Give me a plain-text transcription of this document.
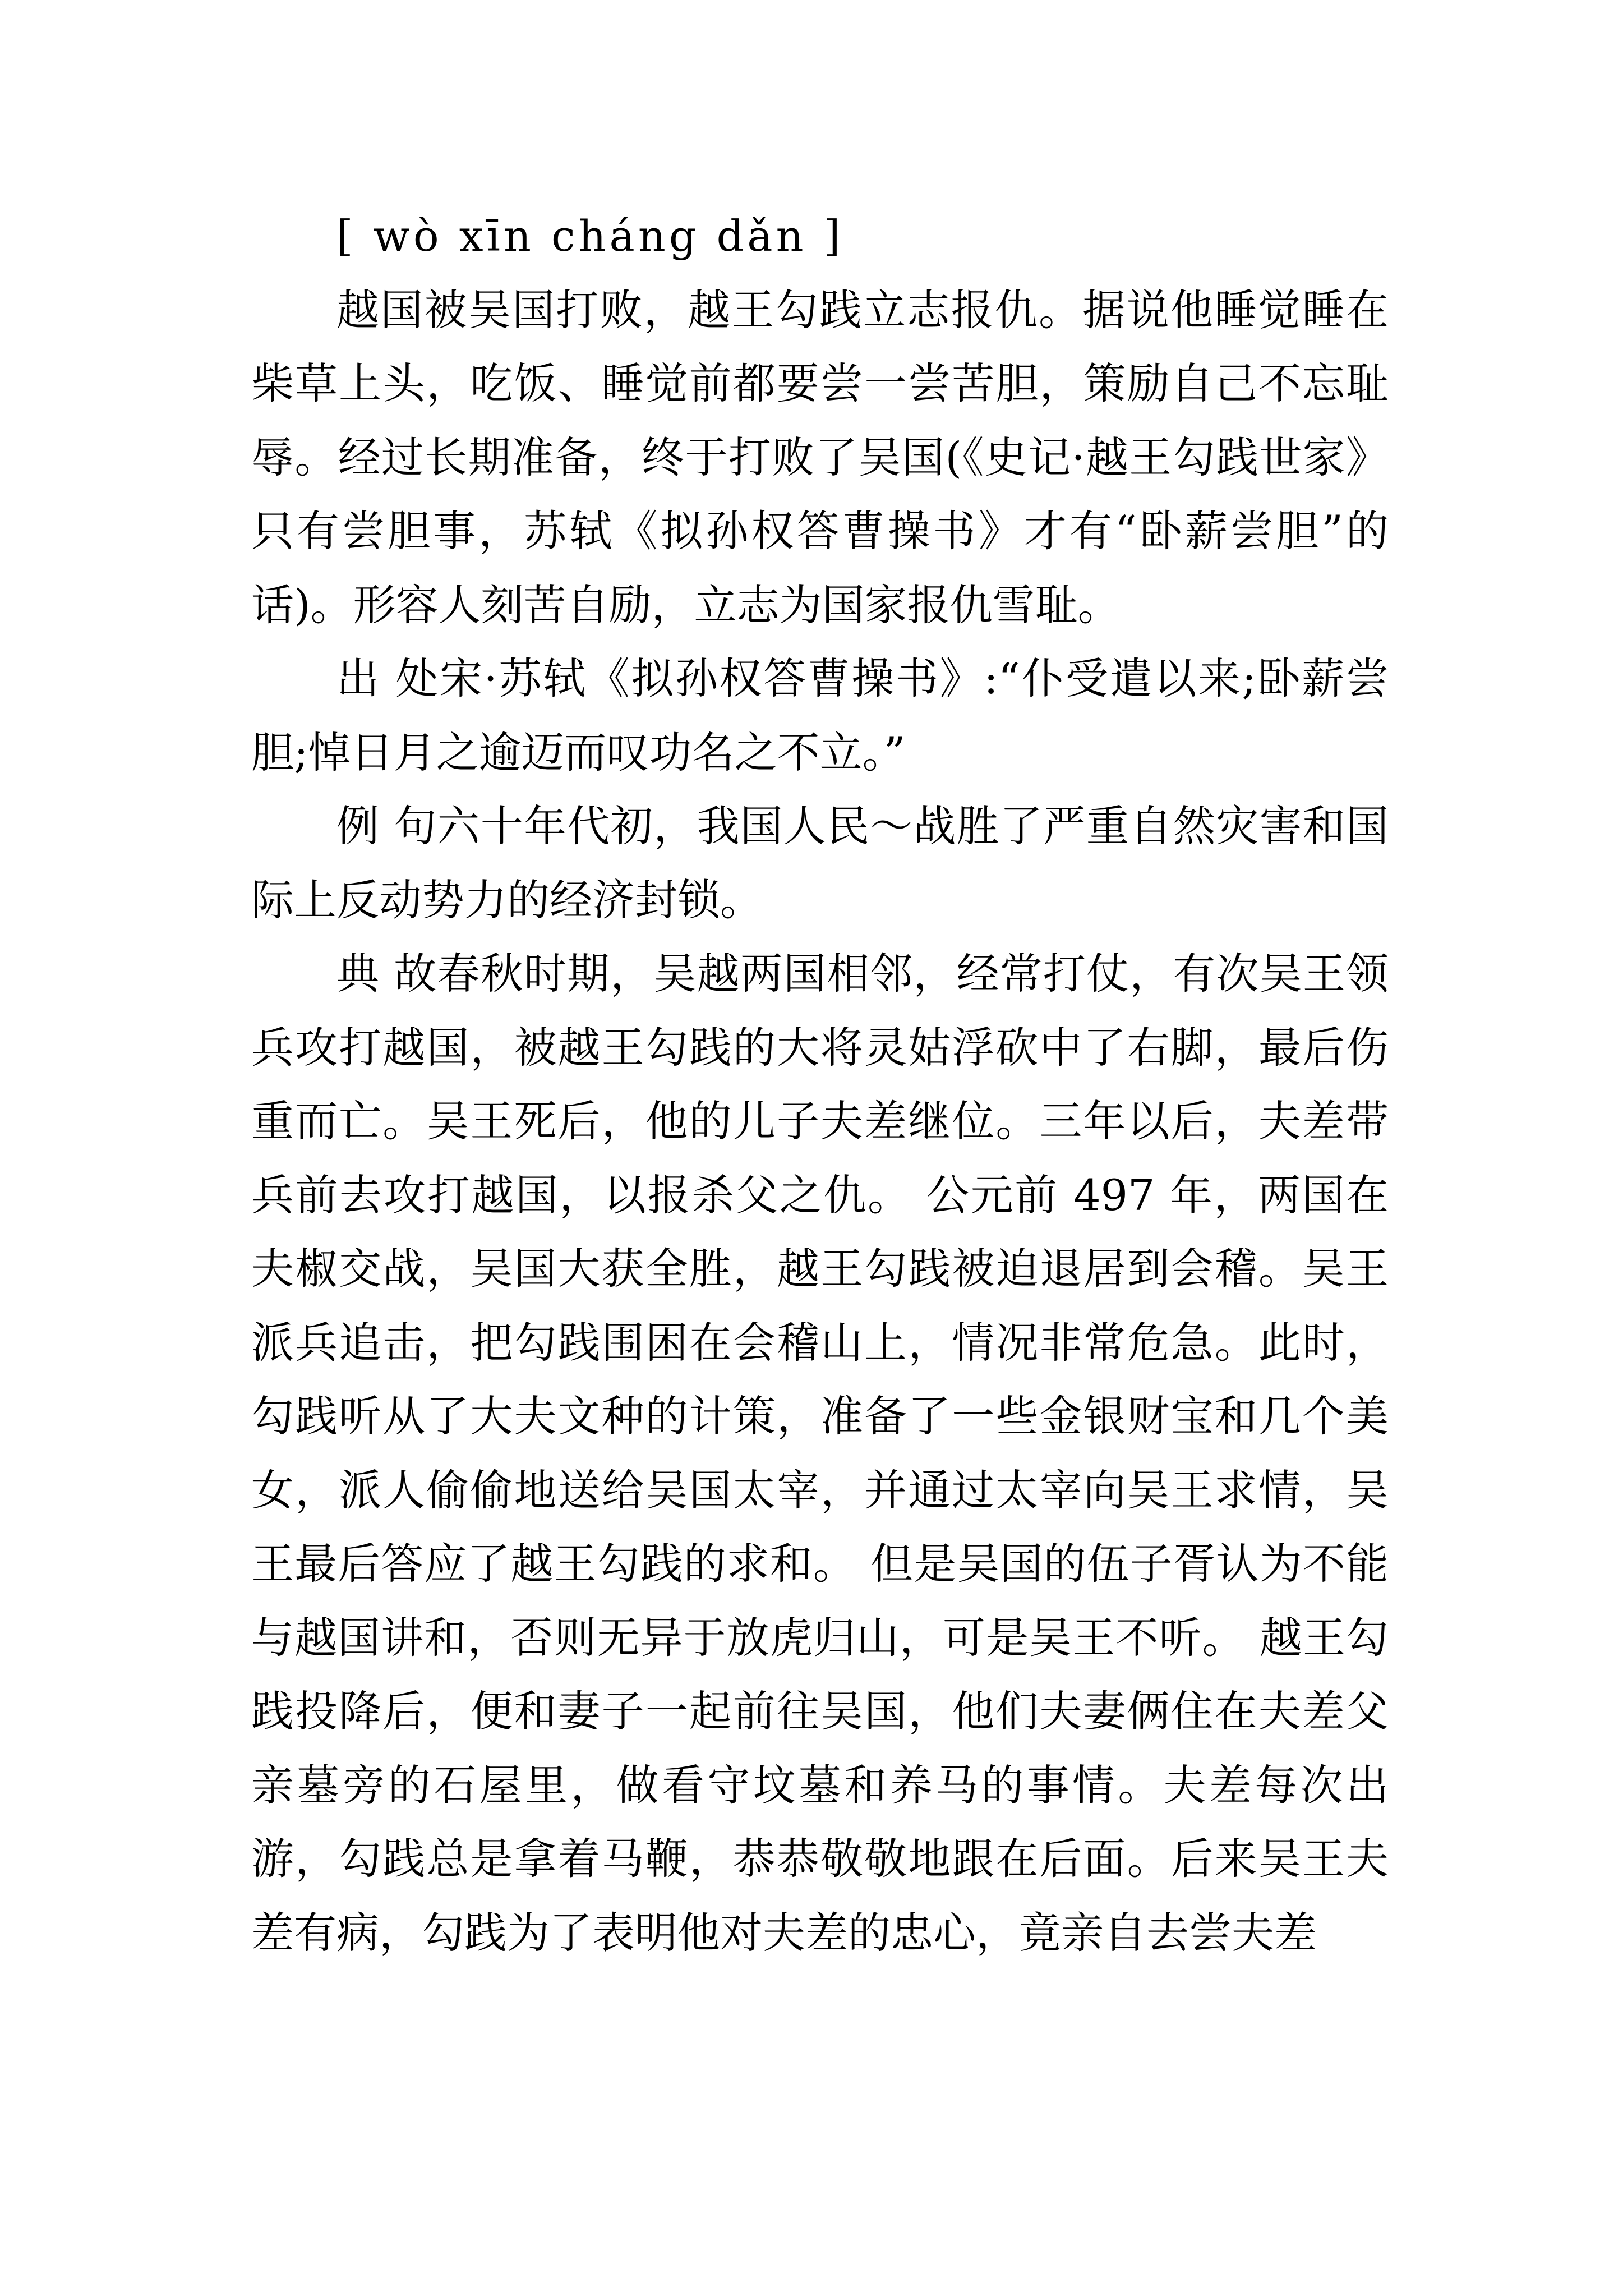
[ wò xīn cháng dǎn ]

越国被吴国打败，越王勾践立志报仇。据说他睡觉睡在柴草上头，吃饭、睡觉前都要尝一尝苦胆，策励自己不忘耻辱。经过长期准备，终于打败了吴国(《史记·越王勾践世家》只有尝胆事，苏轼《拟孙权答曹操书》才有“卧薪尝胆”的话)。形容人刻苦自励，立志为国家报仇雪耻。

出 处宋·苏轼《拟孙权答曹操书》:“仆受遣以来;卧薪尝胆;悼日月之逾迈而叹功名之不立。”

例 句六十年代初，我国人民～战胜了严重自然灾害和国际上反动势力的经济封锁。

典 故春秋时期，吴越两国相邻，经常打仗，有次吴王领兵攻打越国，被越王勾践的大将灵姑浮砍中了右脚，最后伤重而亡。吴王死后，他的儿子夫差继位。三年以后，夫差带兵前去攻打越国，以报杀父之仇。 公元前 497 年，两国在夫椒交战，吴国大获全胜，越王勾践被迫退居到会稽。吴王派兵追击，把勾践围困在会稽山上，情况非常危急。此时，勾践听从了大夫文种的计策，准备了一些金银财宝和几个美女，派人偷偷地送给吴国太宰，并通过太宰向吴王求情，吴王最后答应了越王勾践的求和。 但是吴国的伍子胥认为不能与越国讲和，否则无异于放虎归山，可是吴王不听。 越王勾践投降后，便和妻子一起前往吴国，他们夫妻俩住在夫差父亲墓旁的石屋里，做看守坟墓和养马的事情。夫差每次出游，勾践总是拿着马鞭，恭恭敬敬地跟在后面。后来吴王夫差有病，勾践为了表明他对夫差的忠心，竟亲自去尝夫差
